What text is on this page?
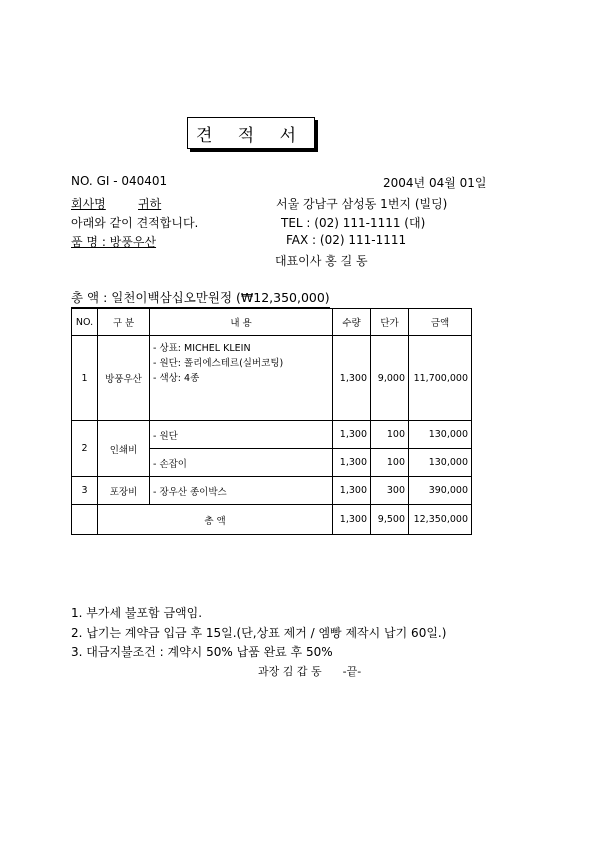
견 적 서
NO. GI - 040401	2004년 04월 01일
회사명	귀하	서울 강남구 삼성동 1번지 (빌딩)
아래와 같이 견적합니다.	TEL : (02) 111-1111 (대)
품 명 : 방풍우산	FAX : (02) 111-1111
대표이사 홍 길 동
총 액 : 일천이백삼십오만원정 (₩12,350,000)
NO.	구 분	내 용	수량	단가	금액
1	방풍우산	- 상표: MICHEL KLEIN
- 원단: 폴리에스테르(실버코팅)
- 색상: 4종	1,300	9,000	11,700,000
2	인쇄비	- 원단	1,300	100	130,000
		- 손잡이	1,300	100	130,000
3	포장비	- 장우산 종이박스	1,300	300	390,000
	총 액		1,300	9,500	12,350,000
1. 부가세 불포함 금액임.
2. 납기는 계약금 입금 후 15일.(단,상표 제거 / 엠빵 제작시 납기 60일.)
3. 대금지불조건 : 계약시 50% 납품 완료 후 50%
과장 김 갑 동      -끝-
